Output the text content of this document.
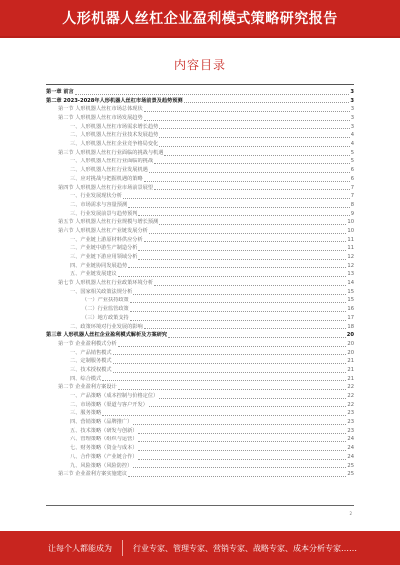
人形机器人丝杠企业盈利模式策略研究报告
内容目录
第一章 前言	3
第二章 2023-2028年人形机器人丝杠市场前景及趋势预测	3
第一节 人形机器人丝杠市场总体现状	3
第二节 人形机器人丝杠市场发展趋势	3
一、人形机器人丝杠市场需求增长趋势	3
二、人形机器人丝杠行业技术发展趋势	4
三、人形机器人丝杠企业竞争格局变化	4
第三节 人形机器人丝杠行业面临的挑战与机遇	5
一、人形机器人丝杠行业面临的挑战	5
二、人形机器人丝杠行业发展机遇	6
三、应对挑战与把握机遇的策略	6
第四节 人形机器人丝杠行业市场前景展望	7
一、行业发展现状分析	7
二、市场需求与容量预测	8
三、行业发展前景与趋势预判	9
第五节 人形机器人丝杠行业规模与增长预测	10
第六节 人形机器人丝杠产业链发展分析	10
一、产业链上游原材料供应分析	11
二、产业链中游生产制造分析	11
三、产业链下游应用领域分析	12
四、产业链协同发展趋势	12
五、产业链发展建议	13
第七节 人形机器人丝杠行业政策环境分析	14
一、国家相关政策法规分析	15
（一）产业扶持政策	15
（二）行业监管政策	16
（三）地方政策支持	17
二、政策环境对行业发展的影响	18
第三章 人形机器人丝杠企业盈利模式解析及方案研究	20
第一节 企业盈利模式分析	20
一、产品销售模式	20
二、定制服务模式	21
三、技术授权模式	21
四、综合模式	21
第二节 企业盈利方案设计	22
一、产品策略（成本控制与价格定位）	22
二、市场策略（渠道与客户开发）	22
三、服务策略	23
四、营销策略（品牌推广）	23
五、技术策略（研发与创新）	23
六、管理策略（组织与运营）	24
七、财务策略（资金与成本）	24
八、合作策略（产业链合作）	24
九、风险策略（风险防控）	25
第三节 企业盈利方案实施建议	25
2
让每个人都能成为	行业专家、管理专家、营销专家、战略专家、成本分析专家……
